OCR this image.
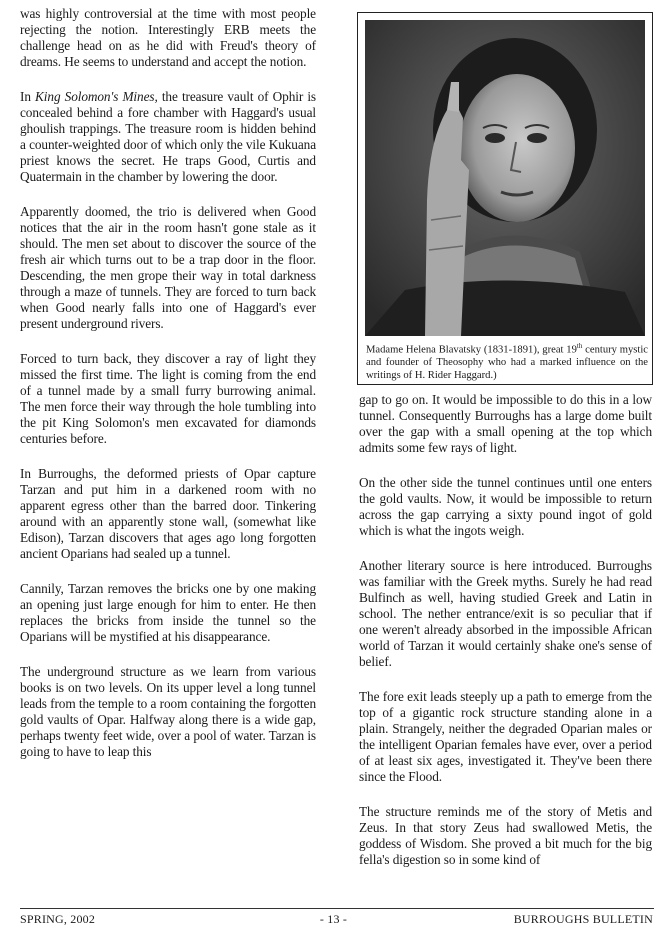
was highly controversial at the time with most people rejecting the notion. Interestingly ERB meets the challenge head on as he did with Freud's theory of dreams. He seems to understand and accept the notion.

In King Solomon's Mines, the treasure vault of Ophir is concealed behind a fore chamber with Haggard's usual ghoulish trappings. The treasure room is hidden behind a counter-weighted door of which only the vile Kukuana priest knows the secret. He traps Good, Curtis and Quatermain in the chamber by lowering the door.

Apparently doomed, the trio is delivered when Good notices that the air in the room hasn't gone stale as it should. The men set about to discover the source of the fresh air which turns out to be a trap door in the floor. Descending, the men grope their way in total darkness through a maze of tunnels. They are forced to turn back when Good nearly falls into one of Haggard's ever present underground rivers.

Forced to turn back, they discover a ray of light they missed the first time. The light is coming from the end of a tunnel made by a small furry burrowing animal. The men force their way through the hole tumbling into the pit King Solomon's men excavated for diamonds centuries before.

In Burroughs, the deformed priests of Opar capture Tarzan and put him in a darkened room with no apparent egress other than the barred door. Tinkering around with an apparently stone wall, (somewhat like Edison), Tarzan discovers that ages ago long forgotten ancient Oparians had sealed up a tunnel.

Cannily, Tarzan removes the bricks one by one making an opening just large enough for him to enter. He then replaces the bricks from inside the tunnel so the Oparians will be mystified at his disappearance.

The underground structure as we learn from various books is on two levels. On its upper level a long tunnel leads from the temple to a room containing the forgotten gold vaults of Opar. Halfway along there is a wide gap, perhaps twenty feet wide, over a pool of water. Tarzan is going to have to leap this

Madame Helena Blavatsky (1831-1891), great 19th century mystic and founder of Theosophy who had a marked influence on the writings of H. Rider Haggard.)

gap to go on. It would be impossible to do this in a low tunnel. Consequently Burroughs has a large dome built over the gap with a small opening at the top which admits some few rays of light.

On the other side the tunnel continues until one enters the gold vaults. Now, it would be impossible to return across the gap carrying a sixty pound ingot of gold which is what the ingots weigh.

Another literary source is here introduced. Burroughs was familiar with the Greek myths. Surely he had read Bulfinch as well, having studied Greek and Latin in school. The nether entrance/exit is so peculiar that if one weren't already absorbed in the impossible African world of Tarzan it would certainly shake one's sense of belief.

The fore exit leads steeply up a path to emerge from the top of a gigantic rock structure standing alone in a plain. Strangely, neither the degraded Oparian males or the intelligent Oparian females have ever, over a period of at least six ages, investigated it. They've been there since the Flood.

The structure reminds me of the story of Metis and Zeus. In that story Zeus had swallowed Metis, the goddess of Wisdom. She proved a bit much for the big fella's digestion so in some kind of

SPRING, 2002	- 13 -	BURROUGHS BULLETIN
